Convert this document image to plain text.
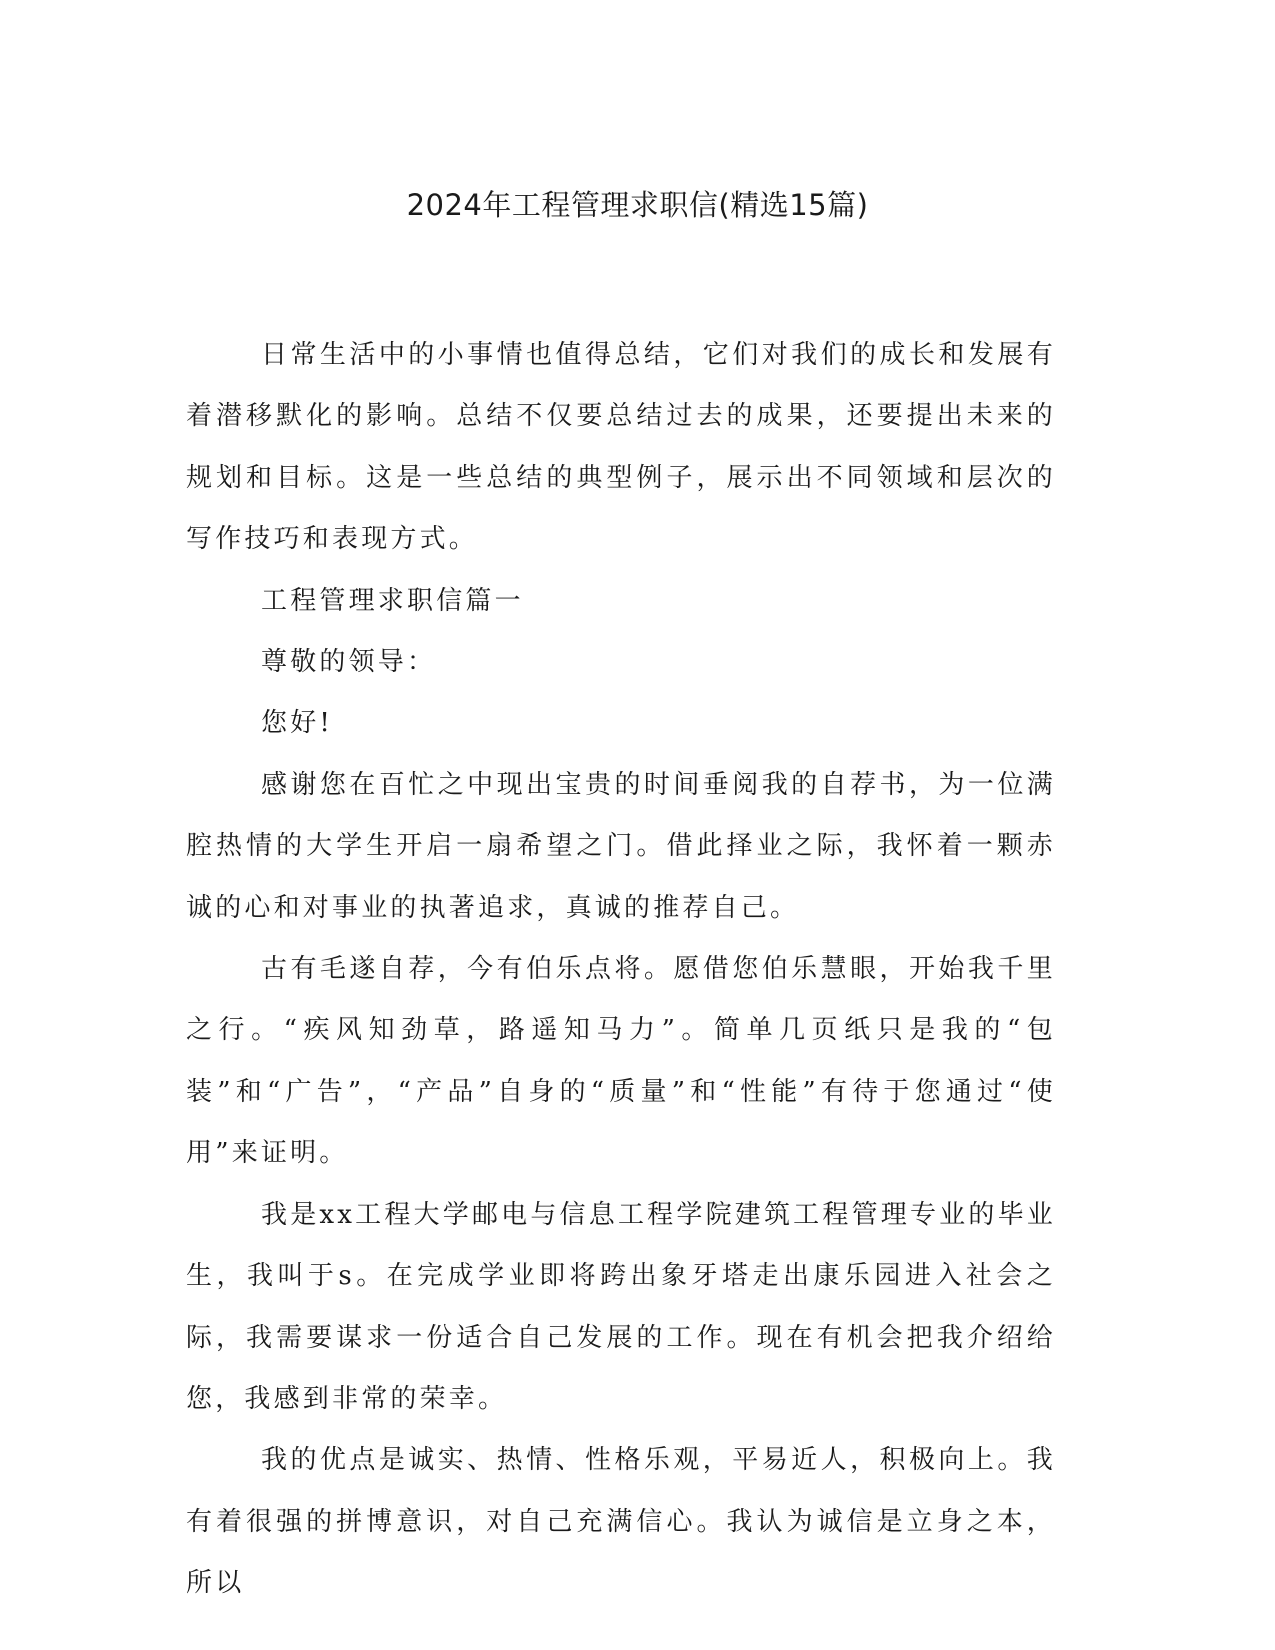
2024年工程管理求职信(精选15篇)

日常生活中的小事情也值得总结，它们对我们的成长和发展有着潜移默化的影响。总结不仅要总结过去的成果，还要提出未来的规划和目标。这是一些总结的典型例子，展示出不同领域和层次的写作技巧和表现方式。

工程管理求职信篇一

尊敬的领导：

您好!

感谢您在百忙之中现出宝贵的时间垂阅我的自荐书，为一位满腔热情的大学生开启一扇希望之门。借此择业之际，我怀着一颗赤诚的心和对事业的执著追求，真诚的推荐自己。

古有毛遂自荐，今有伯乐点将。愿借您伯乐慧眼，开始我千里之行。“疾风知劲草，路遥知马力”。简单几页纸只是我的“包装”和“广告”，“产品”自身的“质量”和“性能”有待于您通过“使用”来证明。

我是xx工程大学邮电与信息工程学院建筑工程管理专业的毕业生，我叫于s。在完成学业即将跨出象牙塔走出康乐园进入社会之际，我需要谋求一份适合自己发展的工作。现在有机会把我介绍给您，我感到非常的荣幸。

我的优点是诚实、热情、性格乐观，平易近人，积极向上。我有着很强的拼博意识，对自己充满信心。我认为诚信是立身之本，所以
